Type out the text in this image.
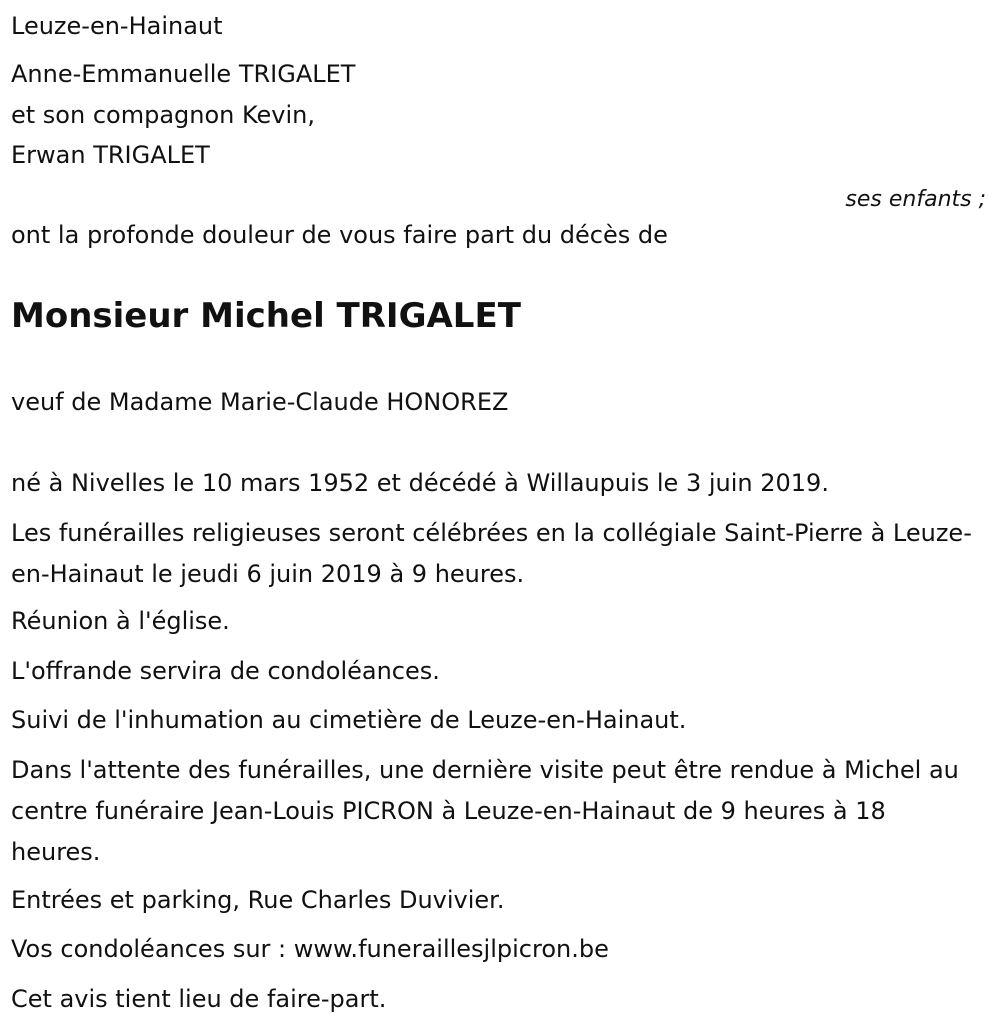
Leuze-en-Hainaut

Anne-Emmanuelle TRIGALET

et son compagnon Kevin,

Erwan TRIGALET

ses enfants ;

ont la profonde douleur de vous faire part du décès de

Monsieur Michel TRIGALET

veuf de Madame Marie-Claude HONOREZ

né à Nivelles le 10 mars 1952 et décédé à Willaupuis le 3 juin 2019.

Les funérailles religieuses seront célébrées en la collégiale Saint-Pierre à Leuze-en-Hainaut le jeudi 6 juin 2019 à 9 heures.

Réunion à l'église.

L'offrande servira de condoléances.

Suivi de l'inhumation au cimetière de Leuze-en-Hainaut.

Dans l'attente des funérailles, une dernière visite peut être rendue à Michel au centre funéraire Jean-Louis PICRON à Leuze-en-Hainaut de 9 heures à 18 heures.

Entrées et parking, Rue Charles Duvivier.

Vos condoléances sur : www.funeraillesjlpicron.be

Cet avis tient lieu de faire-part.
